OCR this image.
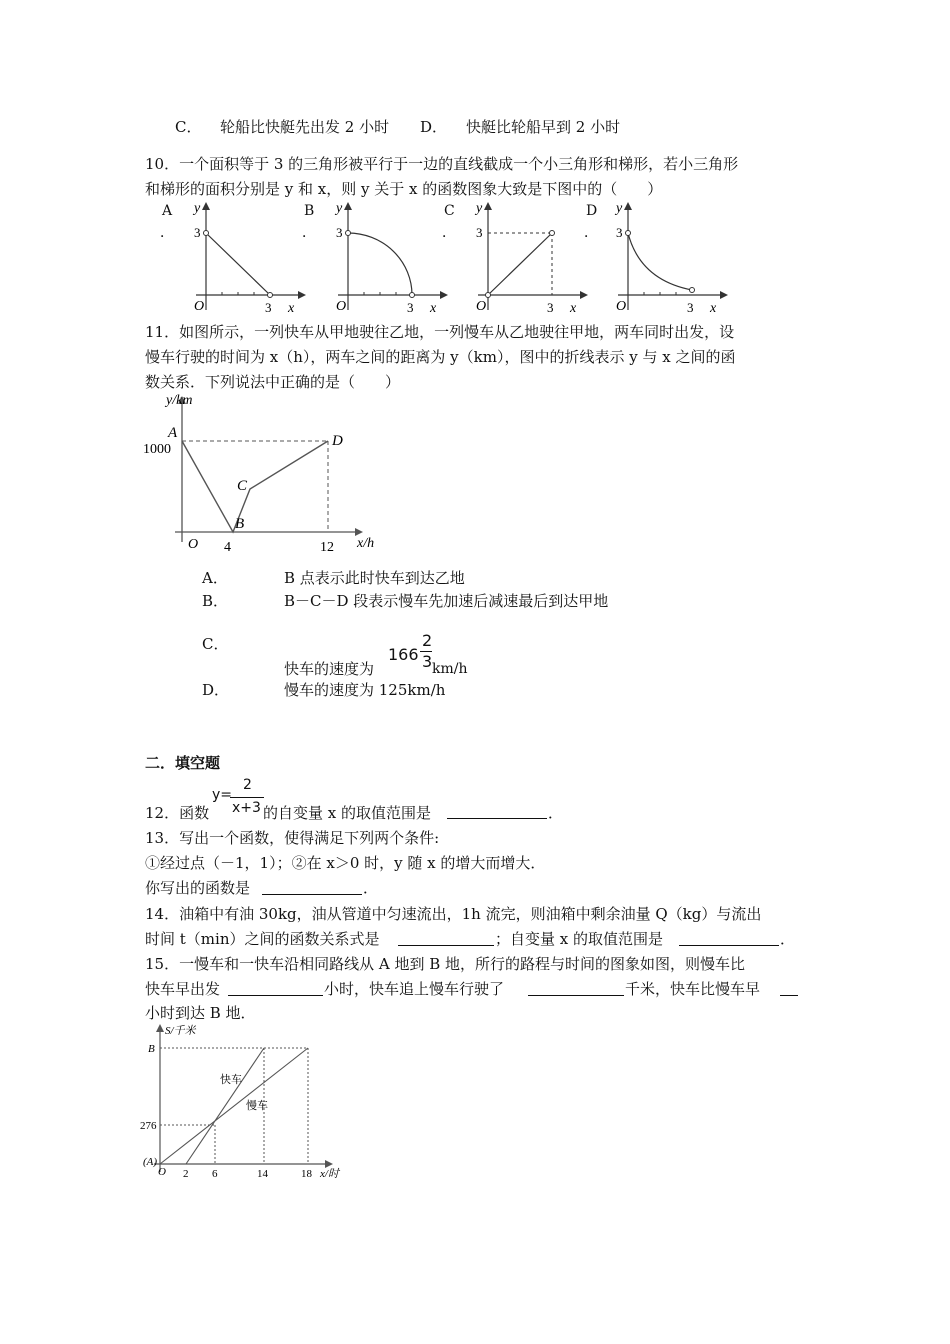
C． 轮船比快艇先出发 2 小时 D． 快艇比轮船早到 2 小时
10．一个面积等于 3 的三角形被平行于一边的直线截成一个小三角形和梯形，若小三角形
和梯形的面积分别是 y 和 x，则 y 关于 x 的函数图象大致是下图中的（　　）
A
．
y
3
O	3 x
B
．
y
3
O	3 x
C
．
y
3
O	3 x
D
．
y
3
O	3 x
11．如图所示，一列快车从甲地驶往乙地，一列慢车从乙地驶往甲地，两车同时出发，设
慢车行驶的时间为 x（h），两车之间的距离为 y（km），图中的折线表示 y 与 x 之间的函
数关系．下列说法中正确的是（　　）
y/km
x/h
1000
O 4	12
A
B
C
D
A．	B 点表示此时快车到达乙地
B．	B－C－D 段表示慢车先加速后减速最后到达甲地
C．
快车的速度为
166
2
3 km/h
D．	慢车的速度为 125km/h
二．填空题
12．函数
y=
2
x+3 的自变量 x 的取值范围是	．
13．写出一个函数，使得满足下列两个条件:
①经过点（－1，1）；②在 x＞0 时，y 随 x 的增大而增大．
你写出的函数是	．
14．油箱中有油 30kg，油从管道中匀速流出，1h 流完，则油箱中剩余油量 Q（kg）与流出
时间 t（min）之间的函数关系式是	；自变量 x 的取值范围是	．
15．一慢车和一快车沿相同路线从 A 地到 B 地，所行的路程与时间的图象如图，则慢车比
快车早出发	小时，快车追上慢车行驶了	千米，快车比慢车早
小时到达 B 地．
S/千米
x/时
B
276
(A)
O 2 6	14	18
快车
慢车
